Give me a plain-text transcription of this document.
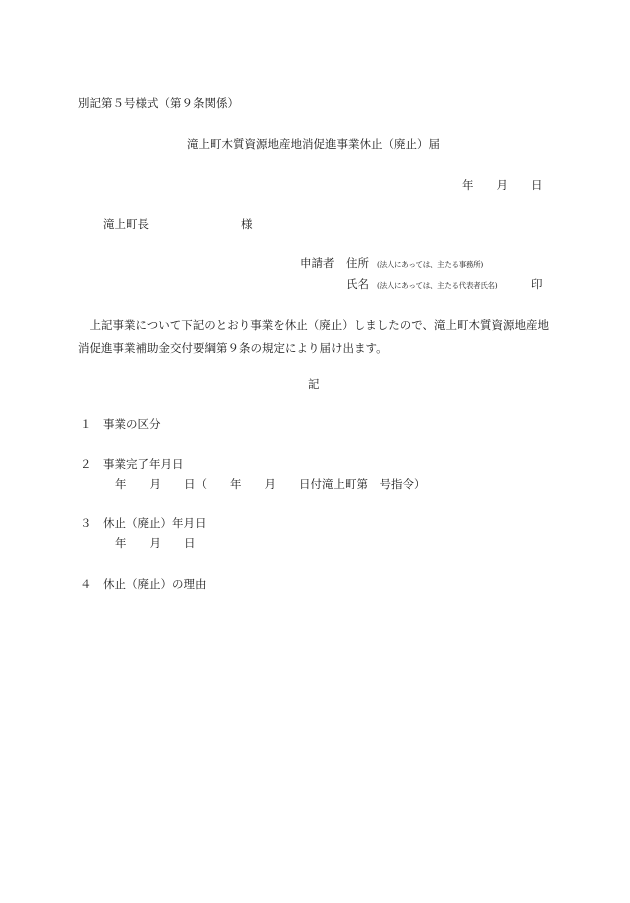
別記第５号様式（第９条関係）
滝上町木質資源地産地消促進事業休止（廃止）届
年　　月　　日
滝上町長	様
申請者 住所 (法人にあっては、主たる事務所)
氏名 (法人にあっては、主たる代表者氏名)	印
　上記事業について下記のとおり事業を休止（廃止）しましたので、滝上町木質資源地産地消促進事業補助金交付要綱第９条の規定により届け出ます。
記
１ 事業の区分
２ 事業完了年月日
年　　月　　日（　　年　　月　　日付滝上町第　号指令）
３ 休止（廃止）年月日
年　　月　　日
４ 休止（廃止）の理由
